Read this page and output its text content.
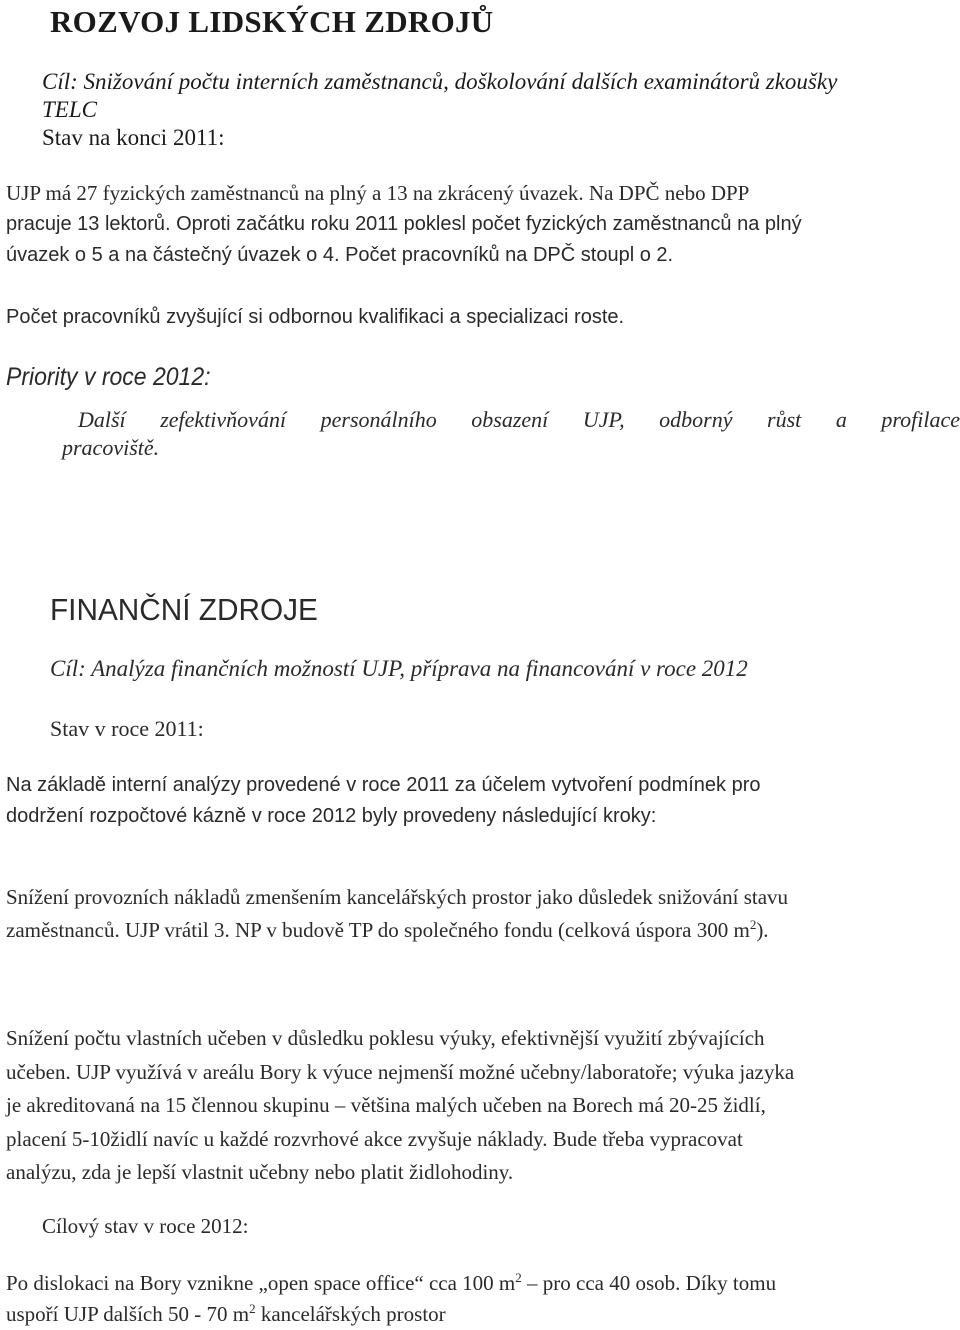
ROZVOJ LIDSKÝCH ZDROJŮ
Cíl: Snižování počtu interních zaměstnanců, doškolování dalších examinátorů zkoušky
TELC
Stav na konci 2011:

UJP má 27 fyzických zaměstnanců na plný a 13 na zkrácený úvazek. Na DPČ nebo DPP
pracuje 13 lektorů. Oproti začátku roku 2011 poklesl počet fyzických zaměstnanců na plný
úvazek o 5 a na částečný úvazek o 4. Počet pracovníků na DPČ stoupl o 2.

Počet pracovníků zvyšující si odbornou kvalifikaci a specializaci roste.

Priority v roce 2012:
Další zefektivňování personálního obsazení UJP, odborný růst a profilace
pracoviště.
FINANČNÍ ZDROJE
Cíl: Analýza finančních možností UJP, příprava na financování v roce 2012
Stav v roce 2011:

Na základě interní analýzy provedené v roce 2011 za účelem vytvoření podmínek pro
dodržení rozpočtové kázně v roce 2012 byly provedeny následující kroky:

Snížení provozních nákladů zmenšením kancelářských prostor jako důsledek snižování stavu
zaměstnanců. UJP vrátil 3. NP v budově TP do společného fondu (celková úspora 300 $m^2$).

Snížení počtu vlastních učeben v důsledku poklesu výuky, efektivnější využití zbývajících
učeben. UJP využívá v areálu Bory k výuce nejmenší možné učebny/laboratoře; výuka jazyka
je akreditovaná na 15 člennou skupinu – většina malých učeben na Borech má 20-25 židlí,
placení 5-10židlí navíc u každé rozvrhové akce zvyšuje náklady. Bude třeba vypracovat
analýzu, zda je lepší vlastnit učebny nebo platit židlohodiny.

Cílový stav v roce 2012:

Po dislokaci na Bory vznikne „open space office“ cca 100 $m^2$ – pro cca 40 osob. Díky tomu
uspoří UJP dalších 50 - 70 $m^2$ kancelářských prostor
